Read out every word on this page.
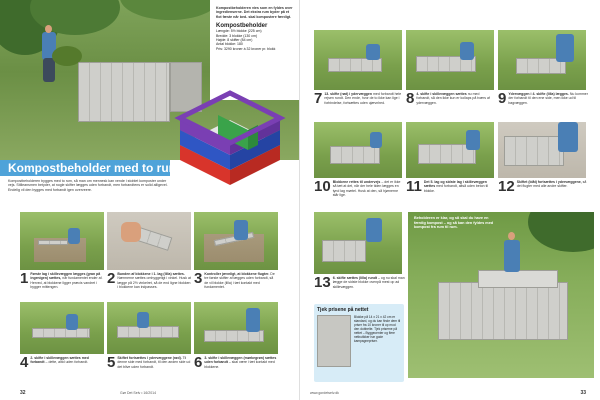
Kompostbeholderen vies som en fyldes over ingredienserne. Det ekstra rum byder på et flot fæste når bed- skal kompostere færdigt.
Kompostbeholder
Længde: 5½ blokke (225 cm)
Bredde: 3 blokke (130 cm)
Højde: 8 skifter (84 cm)
Antal blokke: 180
Pris: 3290 kroner à 32 kroner pr. blokk
Kompostbeholder med to rum
Kompostbeholderen bygges med to rum, så man om mennesk kan vende i stoblet komposter under vejs. Stilleansmen betyder, at nogle skifter lægges uden forbandt, men forbandtens er solid alligevel. Endelig vil den bygges med forbandt igen overveere.
1 Første lag i skillevæggen lægges (gran på ingenigen) sættes, når fundamentet ender af. Herved, at blokkene ligger præcis vandret i bygger mittengen.	2 Bunden af blokkene i 1. lag (lilla) sættes. Nærmerne sættes omhyggeligt i vinkel. Husk at lægge på 2½ vinkelret, så de end ligne blokken i blokkene kan indpasses.	3 Kontroller jævnligt, at blokkene flugter. De tre første skifter af lægges uden forbandt, så de vil blokke (lilla) i tæt kontakt med fundamentet.
4 2. skifte i skillevæggen sættes med forbandt – dette, altid uden forbandt.	5 Skiftet fortsættes i ydervæggene (rød). Til denne side med forbandt, til den anden side ud det blive uden forbandt.	6 3. skifte i skillevæggen (mørkegrøn) sættes uden forbandt – skal være i tæt kontakt med blokkene.
32	Gør Det Selv • 16/2014
7 13. skifte (rød) i ydervæggen med forbandt hele rejsen rundt. Den ende, hvor de to ikke kan lige i forbindelse, fortsættes uden ujævnhed.	8 4. skifte i skillevæggen sættes nu med forbandt, så den ikke kun er kollaps på tværs af ydervæggen.	9 Ydervæggen i 4. skifte (lilla) lægges. Nu kommer der forbandt til den ene side, men ikke ud til bagvæggen.
10 Blokkene rettes til undervejs – det er ikke så tæt at det, når der hele tiden lægges en tynd lag mørtel. Husk at den, så hjørnerne står lige.	11 Det 5. lag og sidste lag i skillevæggen sættes med forbandt, altså uden beton til blokke.	12 Skiftet (blåt) fortsættes i ydervæggene, så det flugter med alle andre skifter.
13 6. skifte sættes (lilla) rundt – og nu skal man lægge de sidste blokke ovenpå mest op ad skillevæggen.
Tjek prisene på nettet
Blokke på 14 x 21 x 42 cm er standard, og du kan finde dem til priser fra 10 kroner til op mod den dobbelte. Tjek priserne på nettet – Byggecenter og flere netbutikker har gode kampagnepriser.
Beholderen er klar, og så skal du have en færdig kompost – og så kan den fyldes med kompost fra rum til rum.
www.gordetselv.dk	33
